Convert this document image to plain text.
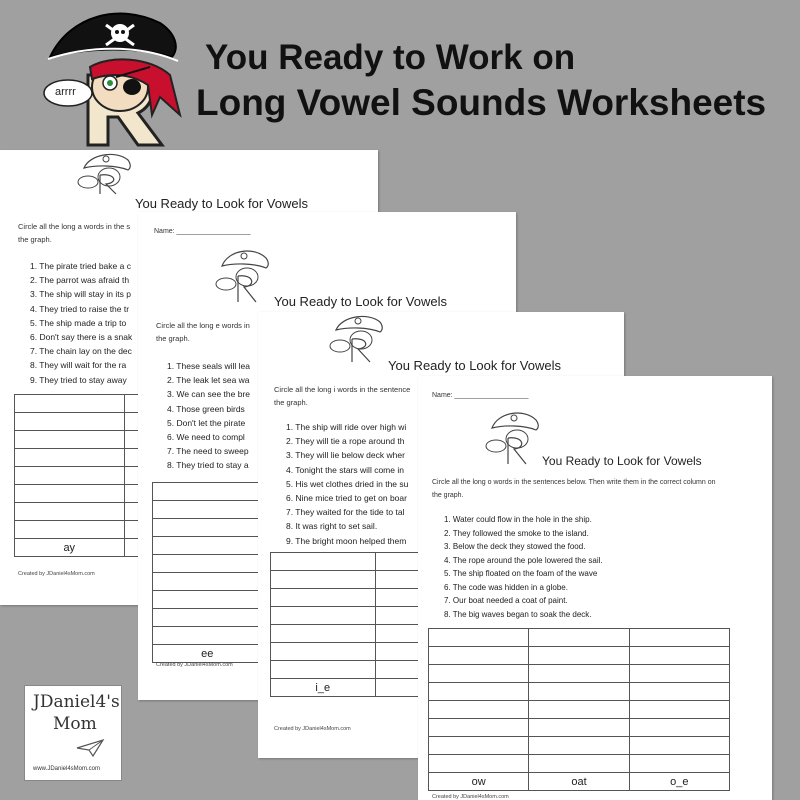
arrrr
You Ready to Work on
Long Vowel Sounds Worksheets
You Ready to Look for Vowels
Circle all the long a words in the s
the graph.
1. The pirate tried bake a c
2. The parrot was afraid th
3. The ship will stay in its p
4. They tried to raise the tr
5. The ship made a trip to
6. Don't say there is a snak
7. The chain lay on the dec
8. They will wait for the ra
9. They tried to stay away

ay	
Created by JDaniel4sMom.com
Name: ___________________
You Ready to Look for Vowels
Circle all the long e words in
the graph.
1. These seals will lea
2. The leak let sea wa
3. We can see the bre
4. Those green birds
5. Don't let the pirate
6. We need to compl
7. The need to sweep
8. They tried to stay a

ee	
Created by JDaniel4sMom.com
You Ready to Look for Vowels
Circle all the long i words in the sentence
the graph.
1. The ship will ride over high wi
2. They will tie a rope around th
3. They will lie below deck wher
4. Tonight the stars will come in
5. His wet clothes dried in the su
6. Nine mice tried to get on boar
7. They waited for the tide to tal
8. It was right to set sail.
9. The bright moon helped them

i_e	
Created by JDaniel4sMom.com
Name: ___________________
You Ready to Look for Vowels
Circle all the long o words in the sentences below. Then write them in the correct column on
the graph.
1. Water could flow in the hole in the ship.
2. They followed the smoke to the island.
3. Below the deck they stowed the food.
4. The rope around the pole lowered the sail.
5. The ship floated on the foam of the wave
6. The code was hidden in a globe.
7. Our boat needed a coat of paint.
8. The big waves began to soak the deck.

ow	oat	o_e
Created by JDaniel4sMom.com
JDaniel4's
Mom
www.JDaniel4sMom.com
